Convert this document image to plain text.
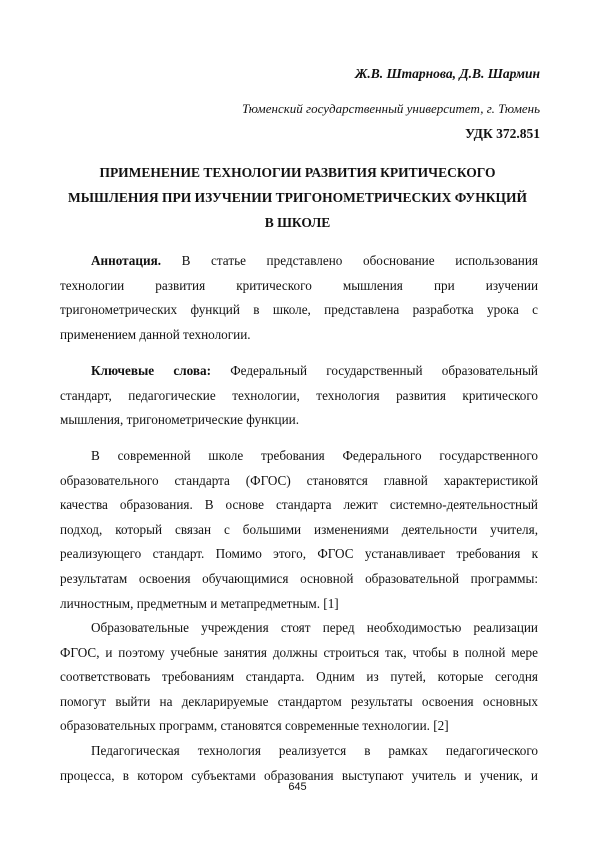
Ж.В. Штарнова, Д.В. Шармин
Тюменский государственный университет, г. Тюмень
УДК 372.851
ПРИМЕНЕНИЕ ТЕХНОЛОГИИ РАЗВИТИЯ КРИТИЧЕСКОГО
МЫШЛЕНИЯ ПРИ ИЗУЧЕНИИ ТРИГОНОМЕТРИЧЕСКИХ ФУНКЦИЙ
В ШКОЛЕ
Аннотация. В статье представлено обоснование использования
технологии развития критического мышления при изучении
тригонометрических функций в школе, представлена разработка урока с
применением данной технологии.
Ключевые слова: Федеральный государственный образовательный
стандарт, педагогические технологии, технология развития критического
мышления, тригонометрические функции.
В современной школе требования Федерального государственного
образовательного стандарта (ФГОС) становятся главной характеристикой
качества образования. В основе стандарта лежит системно-деятельностный
подход, который связан с большими изменениями деятельности учителя,
реализующего стандарт. Помимо этого, ФГОС устанавливает требования к
результатам освоения обучающимися основной образовательной программы:
личностным, предметным и метапредметным. [1]
Образовательные учреждения стоят перед необходимостью реализации
ФГОС, и поэтому учебные занятия должны строиться так, чтобы в полной мере
соответствовать требованиям стандарта. Одним из путей, которые сегодня
помогут выйти на декларируемые стандартом результаты освоения основных
образовательных программ, становятся современные технологии. [2]
Педагогическая технология реализуется в рамках педагогического
процесса, в котором субъектами образования выступают учитель и ученик, и
645
